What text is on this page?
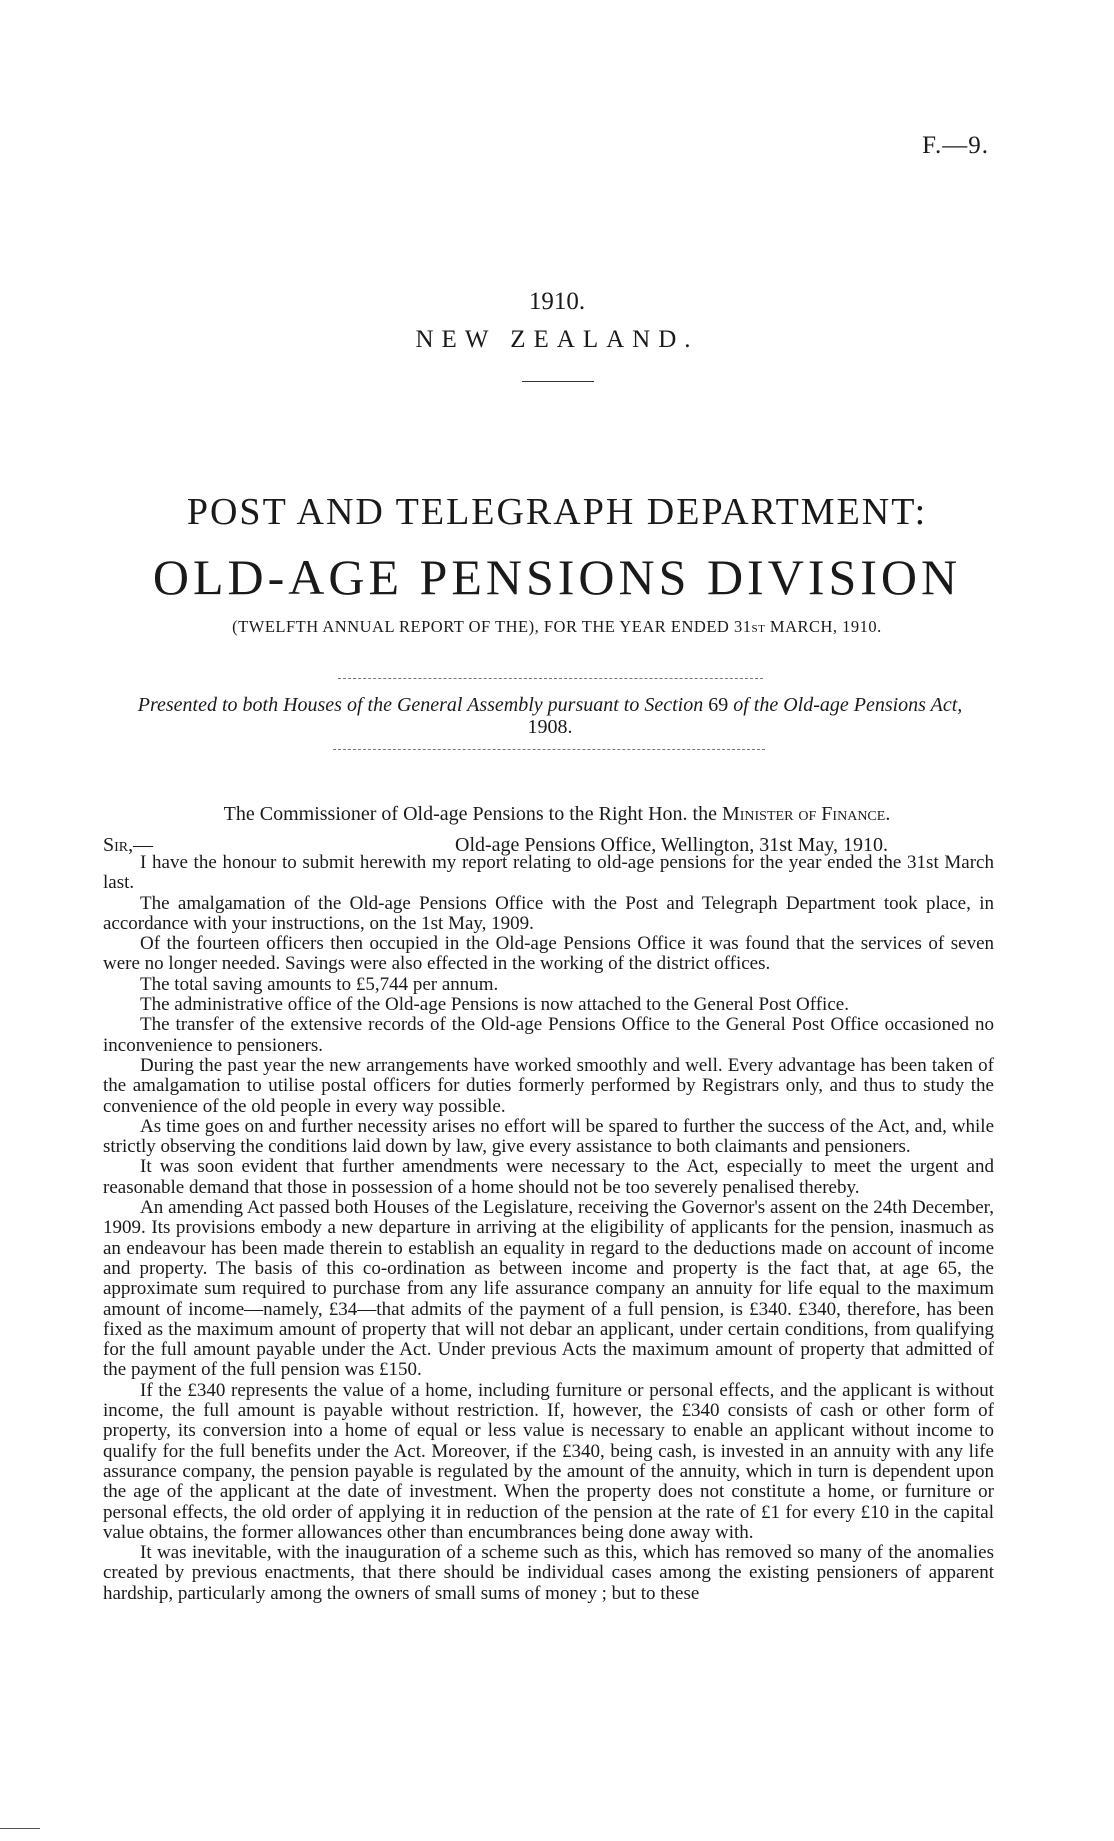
F.—9.
1910.
NEW ZEALAND.
POST AND TELEGRAPH DEPARTMENT:
OLD-AGE PENSIONS DIVISION
(TWELFTH ANNUAL REPORT OF THE), FOR THE YEAR ENDED 31ST MARCH, 1910.
Presented to both Houses of the General Assembly pursuant to Section 69 of the Old-age Pensions Act,
1908.
The Commissioner of Old-age Pensions to the Right Hon. the Minister of Finance.
Sir,—	Old-age Pensions Office, Wellington, 31st May, 1910.

I have the honour to submit herewith my report relating to old-age pensions for the year ended the 31st March last.

The amalgamation of the Old-age Pensions Office with the Post and Telegraph Department took place, in accordance with your instructions, on the 1st May, 1909.

Of the fourteen officers then occupied in the Old-age Pensions Office it was found that the services of seven were no longer needed. Savings were also effected in the working of the district offices.

The total saving amounts to £5,744 per annum.

The administrative office of the Old-age Pensions is now attached to the General Post Office.

The transfer of the extensive records of the Old-age Pensions Office to the General Post Office occasioned no inconvenience to pensioners.

During the past year the new arrangements have worked smoothly and well. Every advantage has been taken of the amalgamation to utilise postal officers for duties formerly performed by Registrars only, and thus to study the convenience of the old people in every way possible.

As time goes on and further necessity arises no effort will be spared to further the success of the Act, and, while strictly observing the conditions laid down by law, give every assistance to both claimants and pensioners.

It was soon evident that further amendments were necessary to the Act, especially to meet the urgent and reasonable demand that those in possession of a home should not be too severely penalised thereby.

An amending Act passed both Houses of the Legislature, receiving the Governor's assent on the 24th December, 1909. Its provisions embody a new departure in arriving at the eligibility of applicants for the pension, inasmuch as an endeavour has been made therein to establish an equality in regard to the deductions made on account of income and property. The basis of this co-ordination as between income and property is the fact that, at age 65, the approximate sum required to purchase from any life assurance company an annuity for life equal to the maximum amount of income—namely, £34—that admits of the payment of a full pension, is £340. £340, therefore, has been fixed as the maximum amount of property that will not debar an applicant, under certain conditions, from qualifying for the full amount payable under the Act. Under previous Acts the maximum amount of property that admitted of the payment of the full pension was £150.

If the £340 represents the value of a home, including furniture or personal effects, and the applicant is without income, the full amount is payable without restriction. If, however, the £340 consists of cash or other form of property, its conversion into a home of equal or less value is necessary to enable an applicant without income to qualify for the full benefits under the Act. Moreover, if the £340, being cash, is invested in an annuity with any life assurance company, the pension payable is regulated by the amount of the annuity, which in turn is dependent upon the age of the applicant at the date of investment. When the property does not constitute a home, or furniture or personal effects, the old order of applying it in reduction of the pension at the rate of £1 for every £10 in the capital value obtains, the former allowances other than encumbrances being done away with.

It was inevitable, with the inauguration of a scheme such as this, which has removed so many of the anomalies created by previous enactments, that there should be individual cases among the existing pensioners of apparent hardship, particularly among the owners of small sums of money ; but to these
